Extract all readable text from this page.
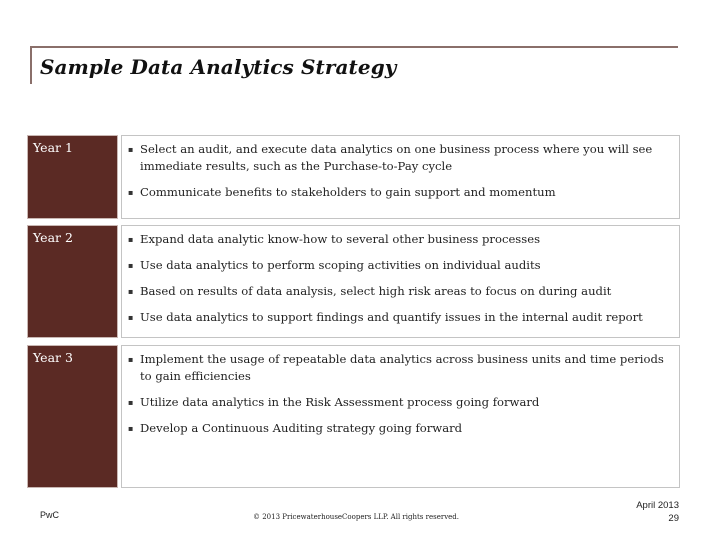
Sample Data Analytics Strategy
Year 1	▪ Select an audit, and execute data analytics on one business process where you will see immediate results, such as the Purchase-to-Pay cycle
▪ Communicate benefits to stakeholders to gain support and momentum
Year 2	▪ Expand data analytic know-how to several other business processes
▪ Use data analytics to perform scoping activities on individual audits
▪ Based on results of data analysis, select high risk areas to focus on during audit
▪ Use data analytics to support findings and quantify issues in the internal audit report
Year 3	▪ Implement the usage of repeatable data analytics across business units and time periods to gain efficiencies
▪ Utilize data analytics in the Risk Assessment process going forward
▪ Develop a Continuous Auditing strategy going forward
PwC	© 2013 PricewaterhouseCoopers LLP. All rights reserved.
April 2013
29
